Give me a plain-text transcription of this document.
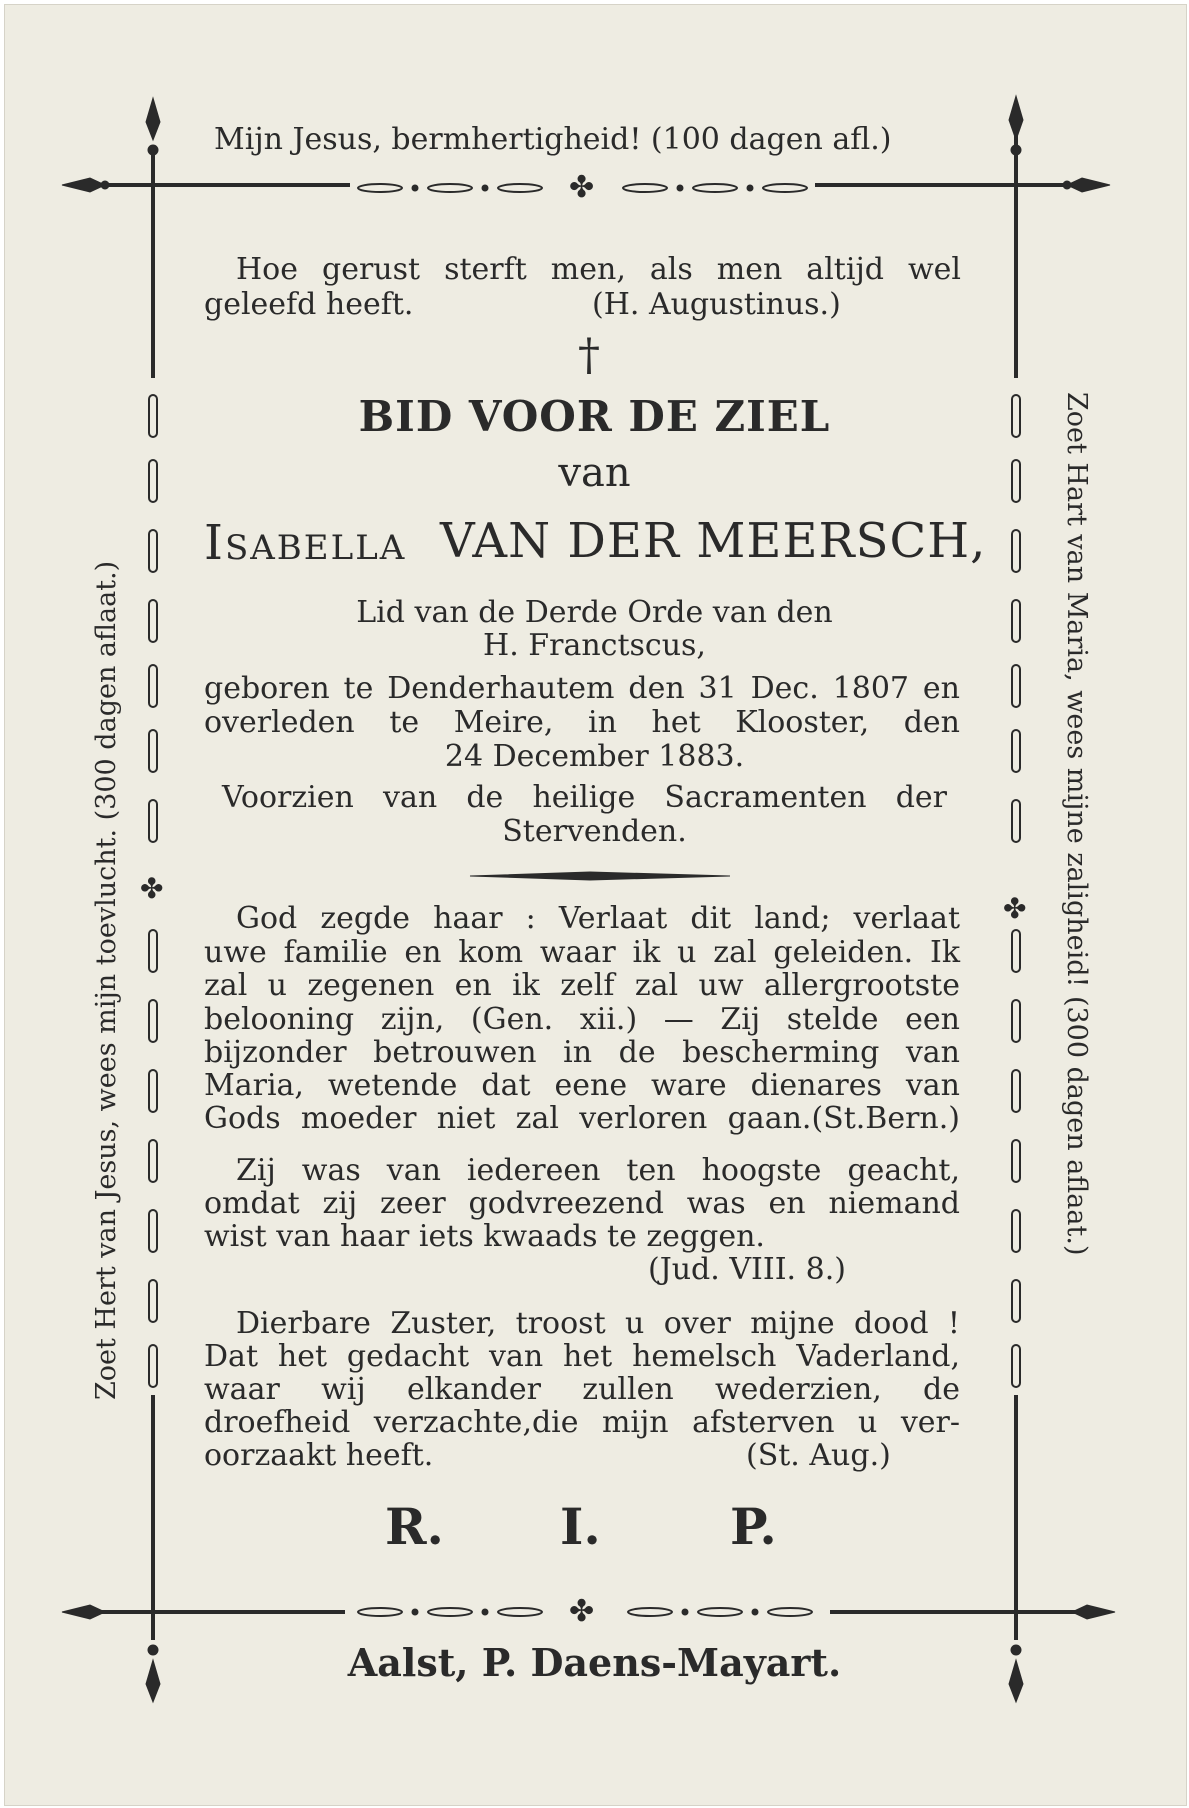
✤
✤
✤
✤
Mijn Jesus, bermhertigheid! (100 dagen afl.)
Hoe gerust sterft men, als men altijd wel
geleefd heeft.	(H. Augustinus.)
†
BID VOOR DE ZIEL
van
Isabella VAN DER MEERSCH,
Lid van de Derde Orde van den
H. Franctscus,
geboren te Denderhautem den 31 Dec. 1807 en
overleden te Meire, in het Klooster, den
24 December 1883.
Voorzien van de heilige Sacramenten der
Stervenden.
God zegde haar : Verlaat dit land; verlaat
uwe familie en kom waar ik u zal geleiden. Ik
zal u zegenen en ik zelf zal uw allergrootste
belooning zijn, (Gen. xii.) — Zij stelde een
bijzonder betrouwen in de bescherming van
Maria, wetende dat eene ware dienares van
Gods moeder niet zal verloren gaan.(St.Bern.)
Zij was van iedereen ten hoogste geacht,
omdat zij zeer godvreezend was en niemand
wist van haar iets kwaads te zeggen.
(Jud. VIII. 8.)
Dierbare Zuster, troost u over mijne dood !
Dat het gedacht van het hemelsch Vaderland,
waar wij elkander zullen wederzien, de
droefheid verzachte,die mijn afsterven u ver-
oorzaakt heeft.	(St. Aug.)
R. I.	P.
Aalst, P. Daens-Mayart.
Zoet Hert van Jesus, wees mijn toevlucht. (300 dagen aflaat.)	Zoet Hart van Maria, wees mijne zaligheid! (300 dagen aflaat.)
